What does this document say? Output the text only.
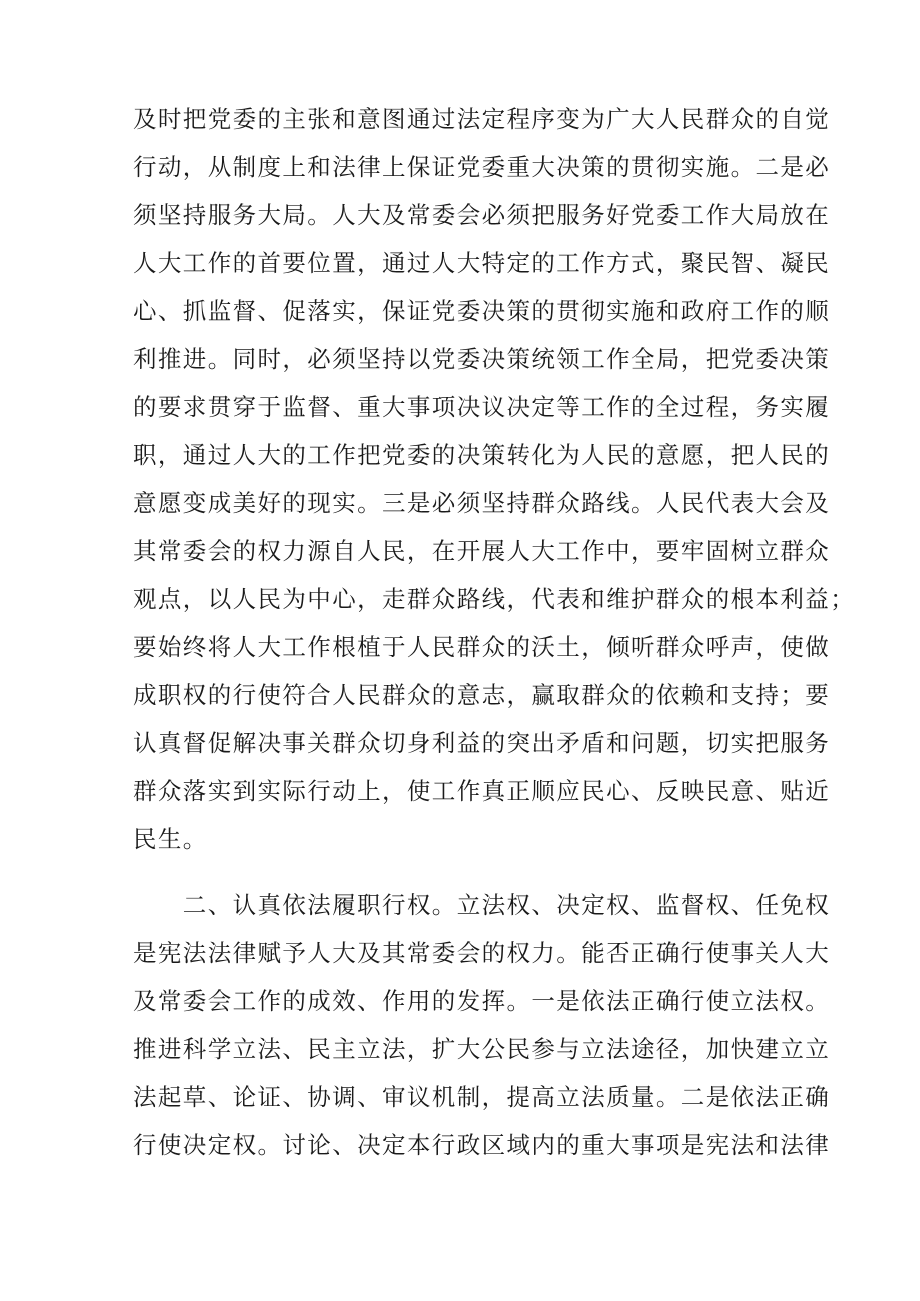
及时把党委的主张和意图通过法定程序变为广大人民群众的自觉
行动，从制度上和法律上保证党委重大决策的贯彻实施。二是必
须坚持服务大局。人大及常委会必须把服务好党委工作大局放在
人大工作的首要位置，通过人大特定的工作方式，聚民智、凝民
心、抓监督、促落实，保证党委决策的贯彻实施和政府工作的顺
利推进。同时，必须坚持以党委决策统领工作全局，把党委决策
的要求贯穿于监督、重大事项决议决定等工作的全过程，务实履
职，通过人大的工作把党委的决策转化为人民的意愿，把人民的
意愿变成美好的现实。三是必须坚持群众路线。人民代表大会及
其常委会的权力源自人民，在开展人大工作中，要牢固树立群众
观点，以人民为中心，走群众路线，代表和维护群众的根本利益；
要始终将人大工作根植于人民群众的沃土，倾听群众呼声，使做
成职权的行使符合人民群众的意志，赢取群众的依赖和支持；要
认真督促解决事关群众切身利益的突出矛盾和问题，切实把服务
群众落实到实际行动上，使工作真正顺应民心、反映民意、贴近
民生。

　　二、认真依法履职行权。立法权、决定权、监督权、任免权
是宪法法律赋予人大及其常委会的权力。能否正确行使事关人大
及常委会工作的成效、作用的发挥。一是依法正确行使立法权。
推进科学立法、民主立法，扩大公民参与立法途径，加快建立立
法起草、论证、协调、审议机制，提高立法质量。二是依法正确
行使决定权。讨论、决定本行政区域内的重大事项是宪法和法律
